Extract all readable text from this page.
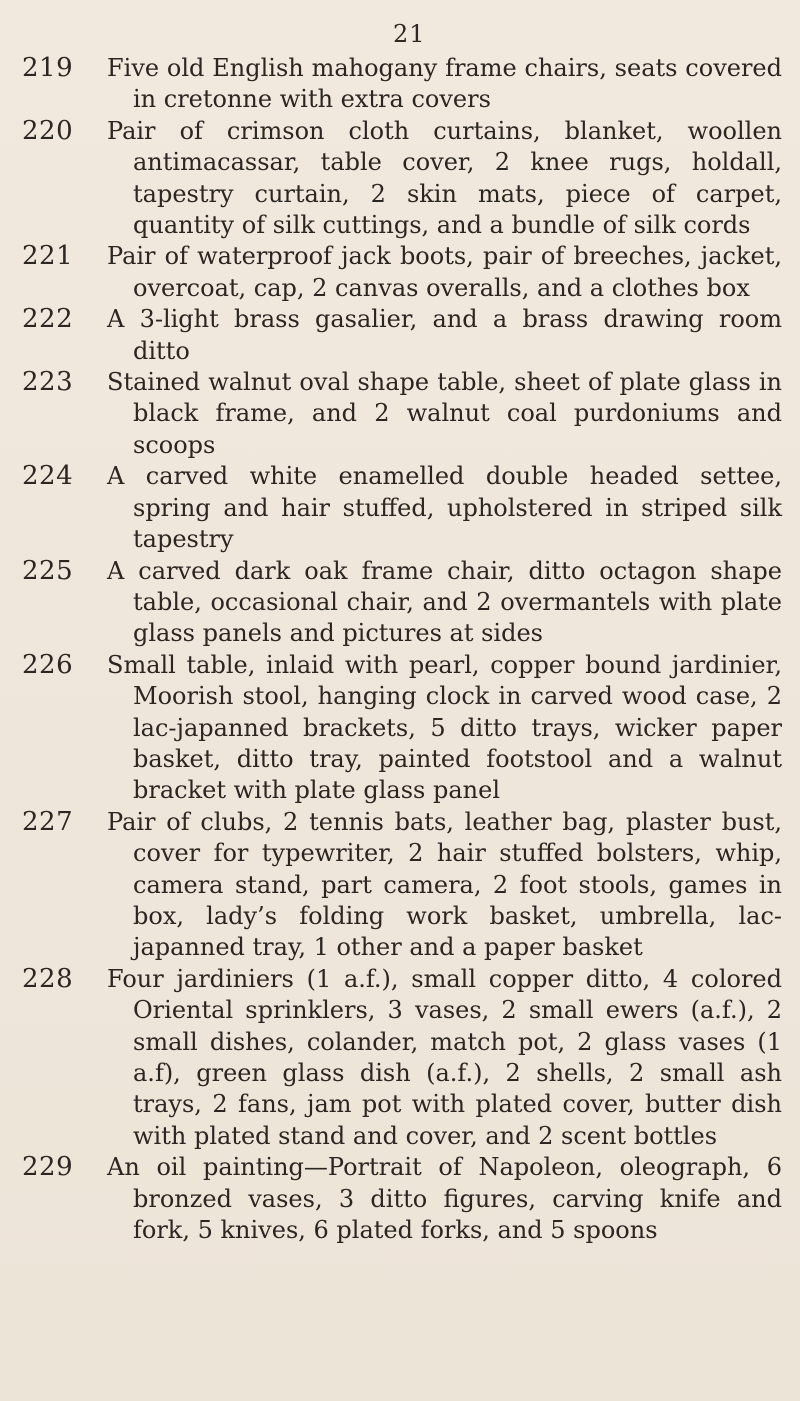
21
219	Five old English mahogany frame chairs, seats covered in cretonne with extra covers
220	Pair of crimson cloth curtains, blanket, woollen antimacassar, table cover, 2 knee rugs, holdall, tapestry curtain, 2 skin mats, piece of carpet, quantity of silk cuttings, and a bundle of silk cords
221	Pair of waterproof jack boots, pair of breeches, jacket, overcoat, cap, 2 canvas overalls, and a clothes box
222	A 3-light brass gasalier, and a brass drawing room ditto
223	Stained walnut oval shape table, sheet of plate glass in black frame, and 2 walnut coal purdoniums and scoops
224	A carved white enamelled double headed settee, spring and hair stuffed, upholstered in striped silk tapestry
225	A carved dark oak frame chair, ditto octagon shape table, occasional chair, and 2 overmantels with plate glass panels and pictures at sides
226	Small table, inlaid with pearl, copper bound jardinier, Moorish stool, hanging clock in carved wood case, 2 lac-japanned brackets, 5 ditto trays, wicker paper basket, ditto tray, painted footstool and a walnut bracket with plate glass panel
227	Pair of clubs, 2 tennis bats, leather bag, plaster bust, cover for typewriter, 2 hair stuffed bolsters, whip, camera stand, part camera, 2 foot stools, games in box, lady’s folding work basket, umbrella, lac-japanned tray, 1 other and a paper basket
228	Four jardiniers (1 a.f.), small copper ditto, 4 colored Oriental sprinklers, 3 vases, 2 small ewers (a.f.), 2 small dishes, colander, match pot, 2 glass vases (1 a.f), green glass dish (a.f.), 2 shells, 2 small ash trays, 2 fans, jam pot with plated cover, butter dish with plated stand and cover, and 2 scent bottles
229	An oil painting—Portrait of Napoleon, oleograph, 6 bronzed vases, 3 ditto figures, carving knife and fork, 5 knives, 6 plated forks, and 5 spoons
